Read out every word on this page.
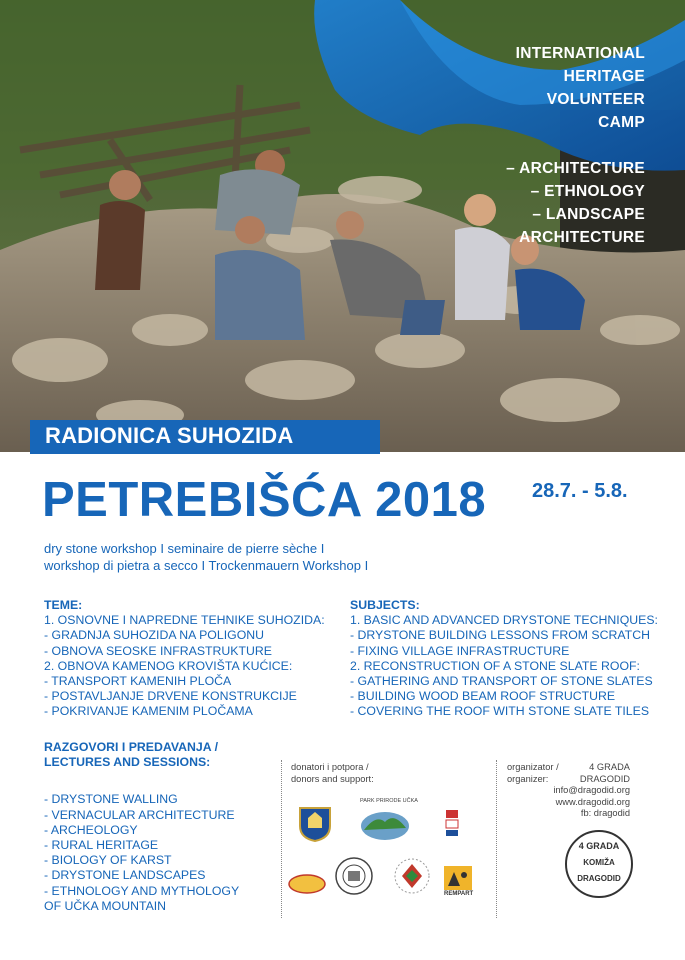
INTERNATIONAL
HERITAGE
VOLUNTEER
CAMP
– ARCHITECTURE
– ETHNOLOGY
– LANDSCAPE
ARCHITECTURE
RADIONICA SUHOZIDA
PETREBIŠĆA 2018 28.7. - 5.8.
dry stone workshop I seminaire de pierre sèche I
workshop di pietra a secco I Trockenmauern Workshop I
TEME:
1. OSNOVNE I NAPREDNE TEHNIKE SUHOZIDA:
- GRADNJA SUHOZIDA NA POLIGONU
- OBNOVA SEOSKE INFRASTRUKTURE
2. OBNOVA KAMENOG KROVIŠTA KUĆICE:
- TRANSPORT KAMENIH PLOČA
- POSTAVLJANJE DRVENE KONSTRUKCIJE
- POKRIVANJE KAMENIM PLOČAMA
SUBJECTS:
1. BASIC AND ADVANCED DRYSTONE TECHNIQUES:
- DRYSTONE BUILDING LESSONS FROM SCRATCH
- FIXING VILLAGE INFRASTRUCTURE
2. RECONSTRUCTION OF A STONE SLATE ROOF:
- GATHERING AND TRANSPORT OF STONE SLATES
- BUILDING WOOD BEAM ROOF STRUCTURE
- COVERING THE ROOF WITH STONE SLATE TILES
RAZGOVORI I PREDAVANJA /
LECTURES AND SESSIONS:
- DRYSTONE WALLING
- VERNACULAR ARCHITECTURE
- ARCHEOLOGY
- RURAL HERITAGE
- BIOLOGY OF KARST
- DRYSTONE LANDSCAPES
- ETHNOLOGY AND MYTHOLOGY
OF UČKA MOUNTAIN
donatori i potpora /
donors and support:
PARK PRIRODE UČKA
REMPART
organizator /
organizer:
4 GRADA
DRAGODID
info@dragodid.org
www.dragodid.org
fb: dragodid
4 GRADA
KOMIŽA
DRAGODID
